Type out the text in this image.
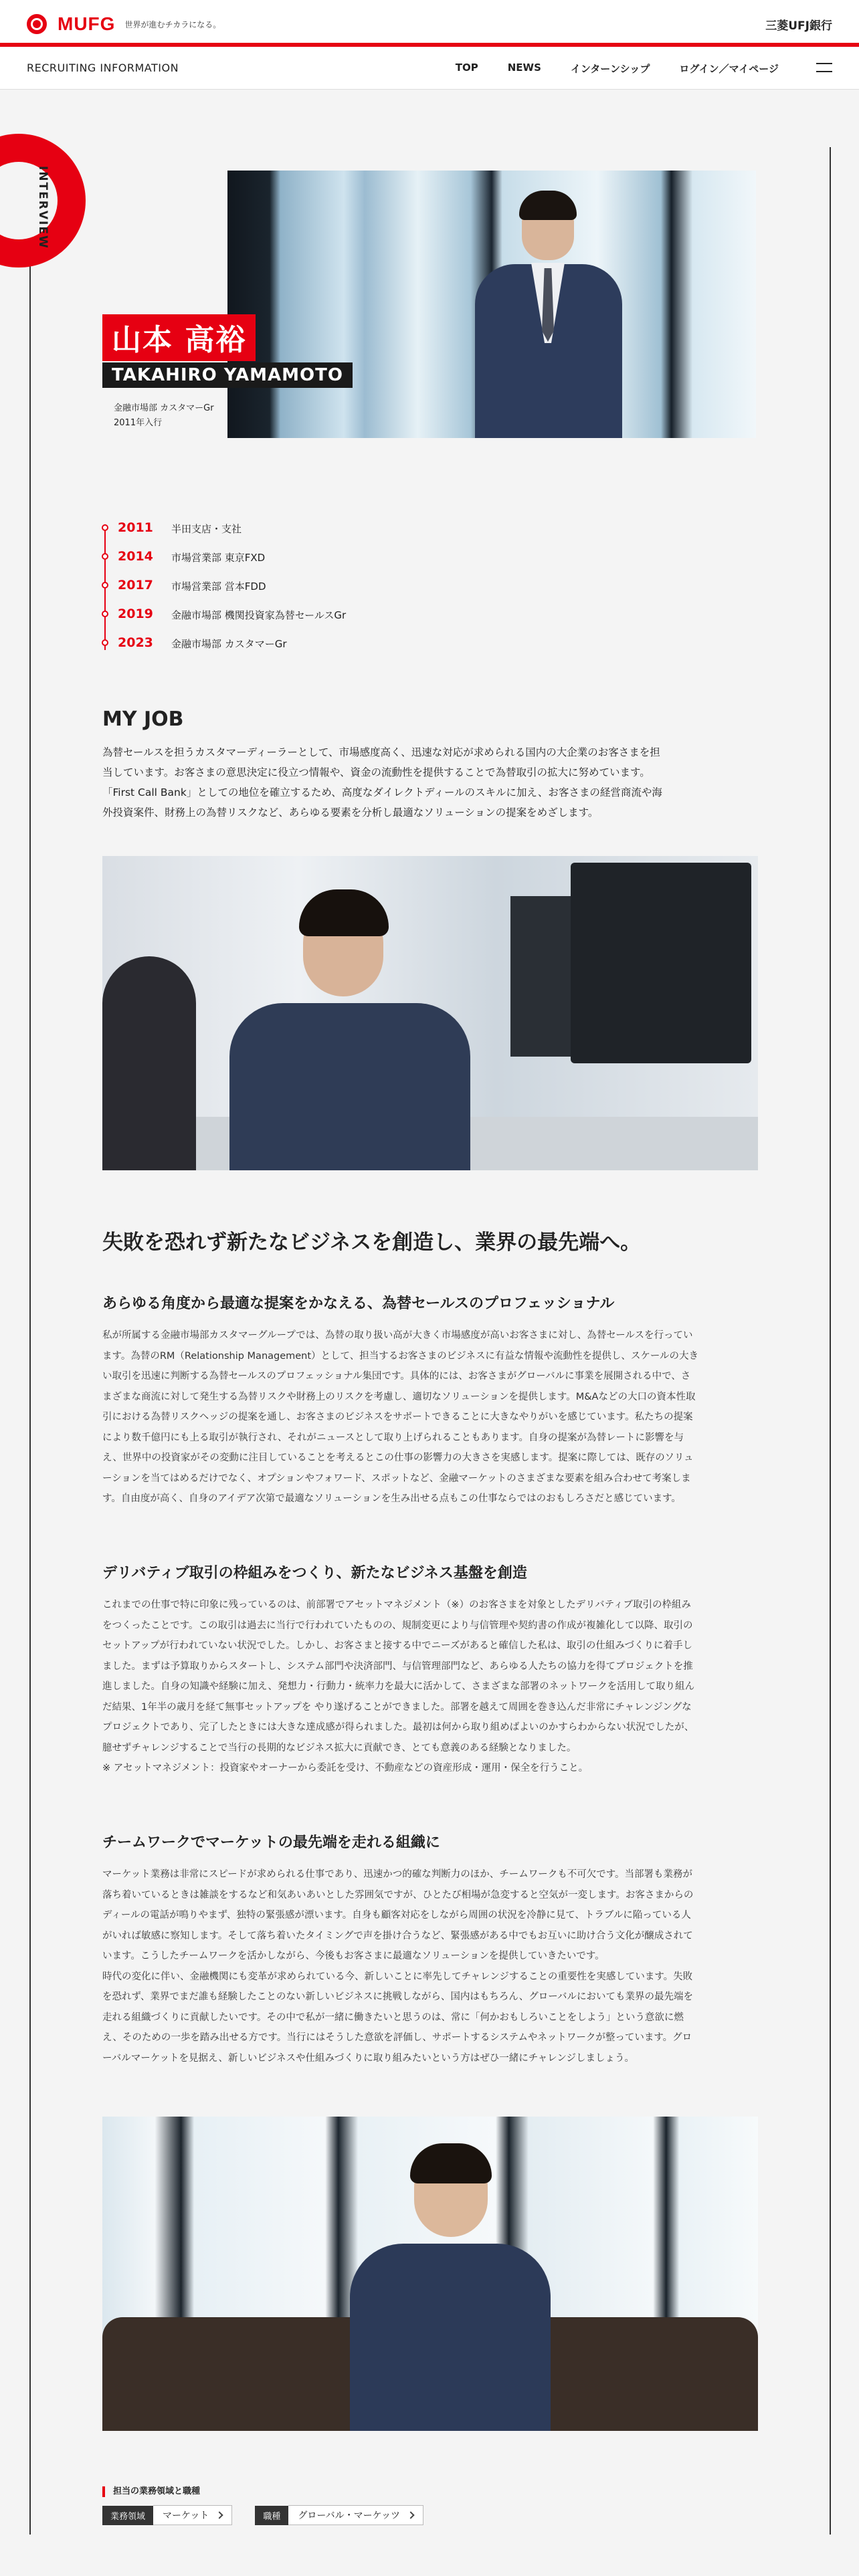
MUFG 世界が進むチカラになる。	三菱UFJ銀行
RECRUITING INFORMATION	TOP	NEWS	インターンシップ	ログイン／マイページ
INTERVIEW
山本 高裕
TAKAHIRO YAMAMOTO
金融市場部 カスタマーGr
2011年入行
2011 半田支店・支社
2014 市場営業部 東京FXD
2017 市場営業部 営本FDD
2019 金融市場部 機関投資家為替セールスGr
2023 金融市場部 カスタマーGr
MY JOB
為替セールスを担うカスタマーディーラーとして、市場感度高く、迅速な対応が求められる国内の大企業のお客さまを担
当しています。お客さまの意思決定に役立つ情報や、資金の流動性を提供することで為替取引の拡大に努めています。
「First Call Bank」としての地位を確立するため、高度なダイレクトディールのスキルに加え、お客さまの経営商流や海
外投資案件、財務上の為替リスクなど、あらゆる要素を分析し最適なソリューションの提案をめざします。
失敗を恐れず新たなビジネスを創造し、業界の最先端へ。
あらゆる角度から最適な提案をかなえる、為替セールスのプロフェッショナル
私が所属する金融市場部カスタマーグループでは、為替の取り扱い高が大きく市場感度が高いお客さまに対し、為替セールスを行ってい
ます。為替のRM（Relationship Management）として、担当するお客さまのビジネスに有益な情報や流動性を提供し、スケールの大き
い取引を迅速に判断する為替セールスのプロフェッショナル集団です。具体的には、お客さまがグローバルに事業を展開される中で、さ
まざまな商流に対して発生する為替リスクや財務上のリスクを考慮し、適切なソリューションを提供します。M&Aなどの大口の資本性取
引における為替リスクヘッジの提案を通し、お客さまのビジネスをサポートできることに大きなやりがいを感じています。私たちの提案
により数千億円にも上る取引が執行され、それがニュースとして取り上げられることもあります。自身の提案が為替レートに影響を与
え、世界中の投資家がその変動に注目していることを考えるとこの仕事の影響力の大きさを実感します。提案に際しては、既存のソリュ
ーションを当てはめるだけでなく、オプションやフォワード、スポットなど、金融マーケットのさまざまな要素を組み合わせて考案しま
す。自由度が高く、自身のアイデア次第で最適なソリューションを生み出せる点もこの仕事ならではのおもしろさだと感じています。
デリバティブ取引の枠組みをつくり、新たなビジネス基盤を創造
これまでの仕事で特に印象に残っているのは、前部署でアセットマネジメント（※）のお客さまを対象としたデリバティブ取引の枠組み
をつくったことです。この取引は過去に当行で行われていたものの、規制変更により与信管理や契約書の作成が複雑化して以降、取引の
セットアップが行われていない状況でした。しかし、お客さまと接する中でニーズがあると確信した私は、取引の仕組みづくりに着手し
ました。まずは予算取りからスタートし、システム部門や決済部門、与信管理部門など、あらゆる人たちの協力を得てプロジェクトを推
進しました。自身の知識や経験に加え、発想力・行動力・統率力を最大に活かして、さまざまな部署のネットワークを活用して取り組ん
だ結果、1年半の歳月を経て無事セットアップを やり遂げることができました。部署を越えて周囲を巻き込んだ非常にチャレンジングな
プロジェクトであり、完了したときには大きな達成感が得られました。最初は何から取り組めばよいのかすらわからない状況でしたが、
臆せずチャレンジすることで当行の長期的なビジネス拡大に貢献でき、とても意義のある経験となりました。
※ アセットマネジメント：投資家やオーナーから委託を受け、不動産などの資産形成・運用・保全を行うこと。
チームワークでマーケットの最先端を走れる組織に
マーケット業務は非常にスピードが求められる仕事であり、迅速かつ的確な判断力のほか、チームワークも不可欠です。当部署も業務が
落ち着いているときは雑談をするなど和気あいあいとした雰囲気ですが、ひとたび相場が急変すると空気が一変します。お客さまからの
ディールの電話が鳴りやまず、独特の緊張感が漂います。自身も顧客対応をしながら周囲の状況を冷静に見て、トラブルに陥っている人
がいれば敏感に察知します。そして落ち着いたタイミングで声を掛け合うなど、緊張感がある中でもお互いに助け合う文化が醸成されて
います。こうしたチームワークを活かしながら、今後もお客さまに最適なソリューションを提供していきたいです。
時代の変化に伴い、金融機関にも変革が求められている今、新しいことに率先してチャレンジすることの重要性を実感しています。失敗
を恐れず、業界でまだ誰も経験したことのない新しいビジネスに挑戦しながら、国内はもちろん、グローバルにおいても業界の最先端を
走れる組織づくりに貢献したいです。その中で私が一緒に働きたいと思うのは、常に「何かおもしろいことをしよう」という意欲に燃
え、そのための一歩を踏み出せる方です。当行にはそうした意欲を評価し、サポートするシステムやネットワークが整っています。グロ
ーバルマーケットを見据え、新しいビジネスや仕組みづくりに取り組みたいという方はぜひ一緒にチャレンジしましょう。
担当の業務領域と職種
業務領域	マーケット	職種	グローバル・マーケッツ
